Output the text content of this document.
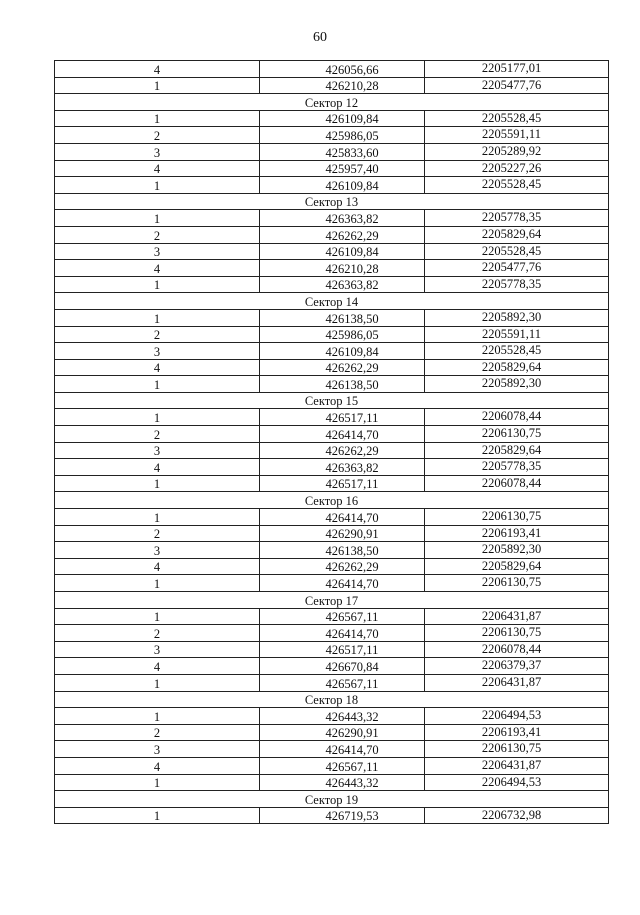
60
4	426056,66	2205177,01
1	426210,28	2205477,76
Сектор 12		
1	426109,84	2205528,45
2	425986,05	2205591,11
3	425833,60	2205289,92
4	425957,40	2205227,26
1	426109,84	2205528,45
Сектор 13		
1	426363,82	2205778,35
2	426262,29	2205829,64
3	426109,84	2205528,45
4	426210,28	2205477,76
1	426363,82	2205778,35
Сектор 14		
1	426138,50	2205892,30
2	425986,05	2205591,11
3	426109,84	2205528,45
4	426262,29	2205829,64
1	426138,50	2205892,30
Сектор 15		
1	426517,11	2206078,44
2	426414,70	2206130,75
3	426262,29	2205829,64
4	426363,82	2205778,35
1	426517,11	2206078,44
Сектор 16		
1	426414,70	2206130,75
2	426290,91	2206193,41
3	426138,50	2205892,30
4	426262,29	2205829,64
1	426414,70	2206130,75
Сектор 17		
1	426567,11	2206431,87
2	426414,70	2206130,75
3	426517,11	2206078,44
4	426670,84	2206379,37
1	426567,11	2206431,87
Сектор 18		
1	426443,32	2206494,53
2	426290,91	2206193,41
3	426414,70	2206130,75
4	426567,11	2206431,87
1	426443,32	2206494,53
Сектор 19		
1	426719,53	2206732,98
